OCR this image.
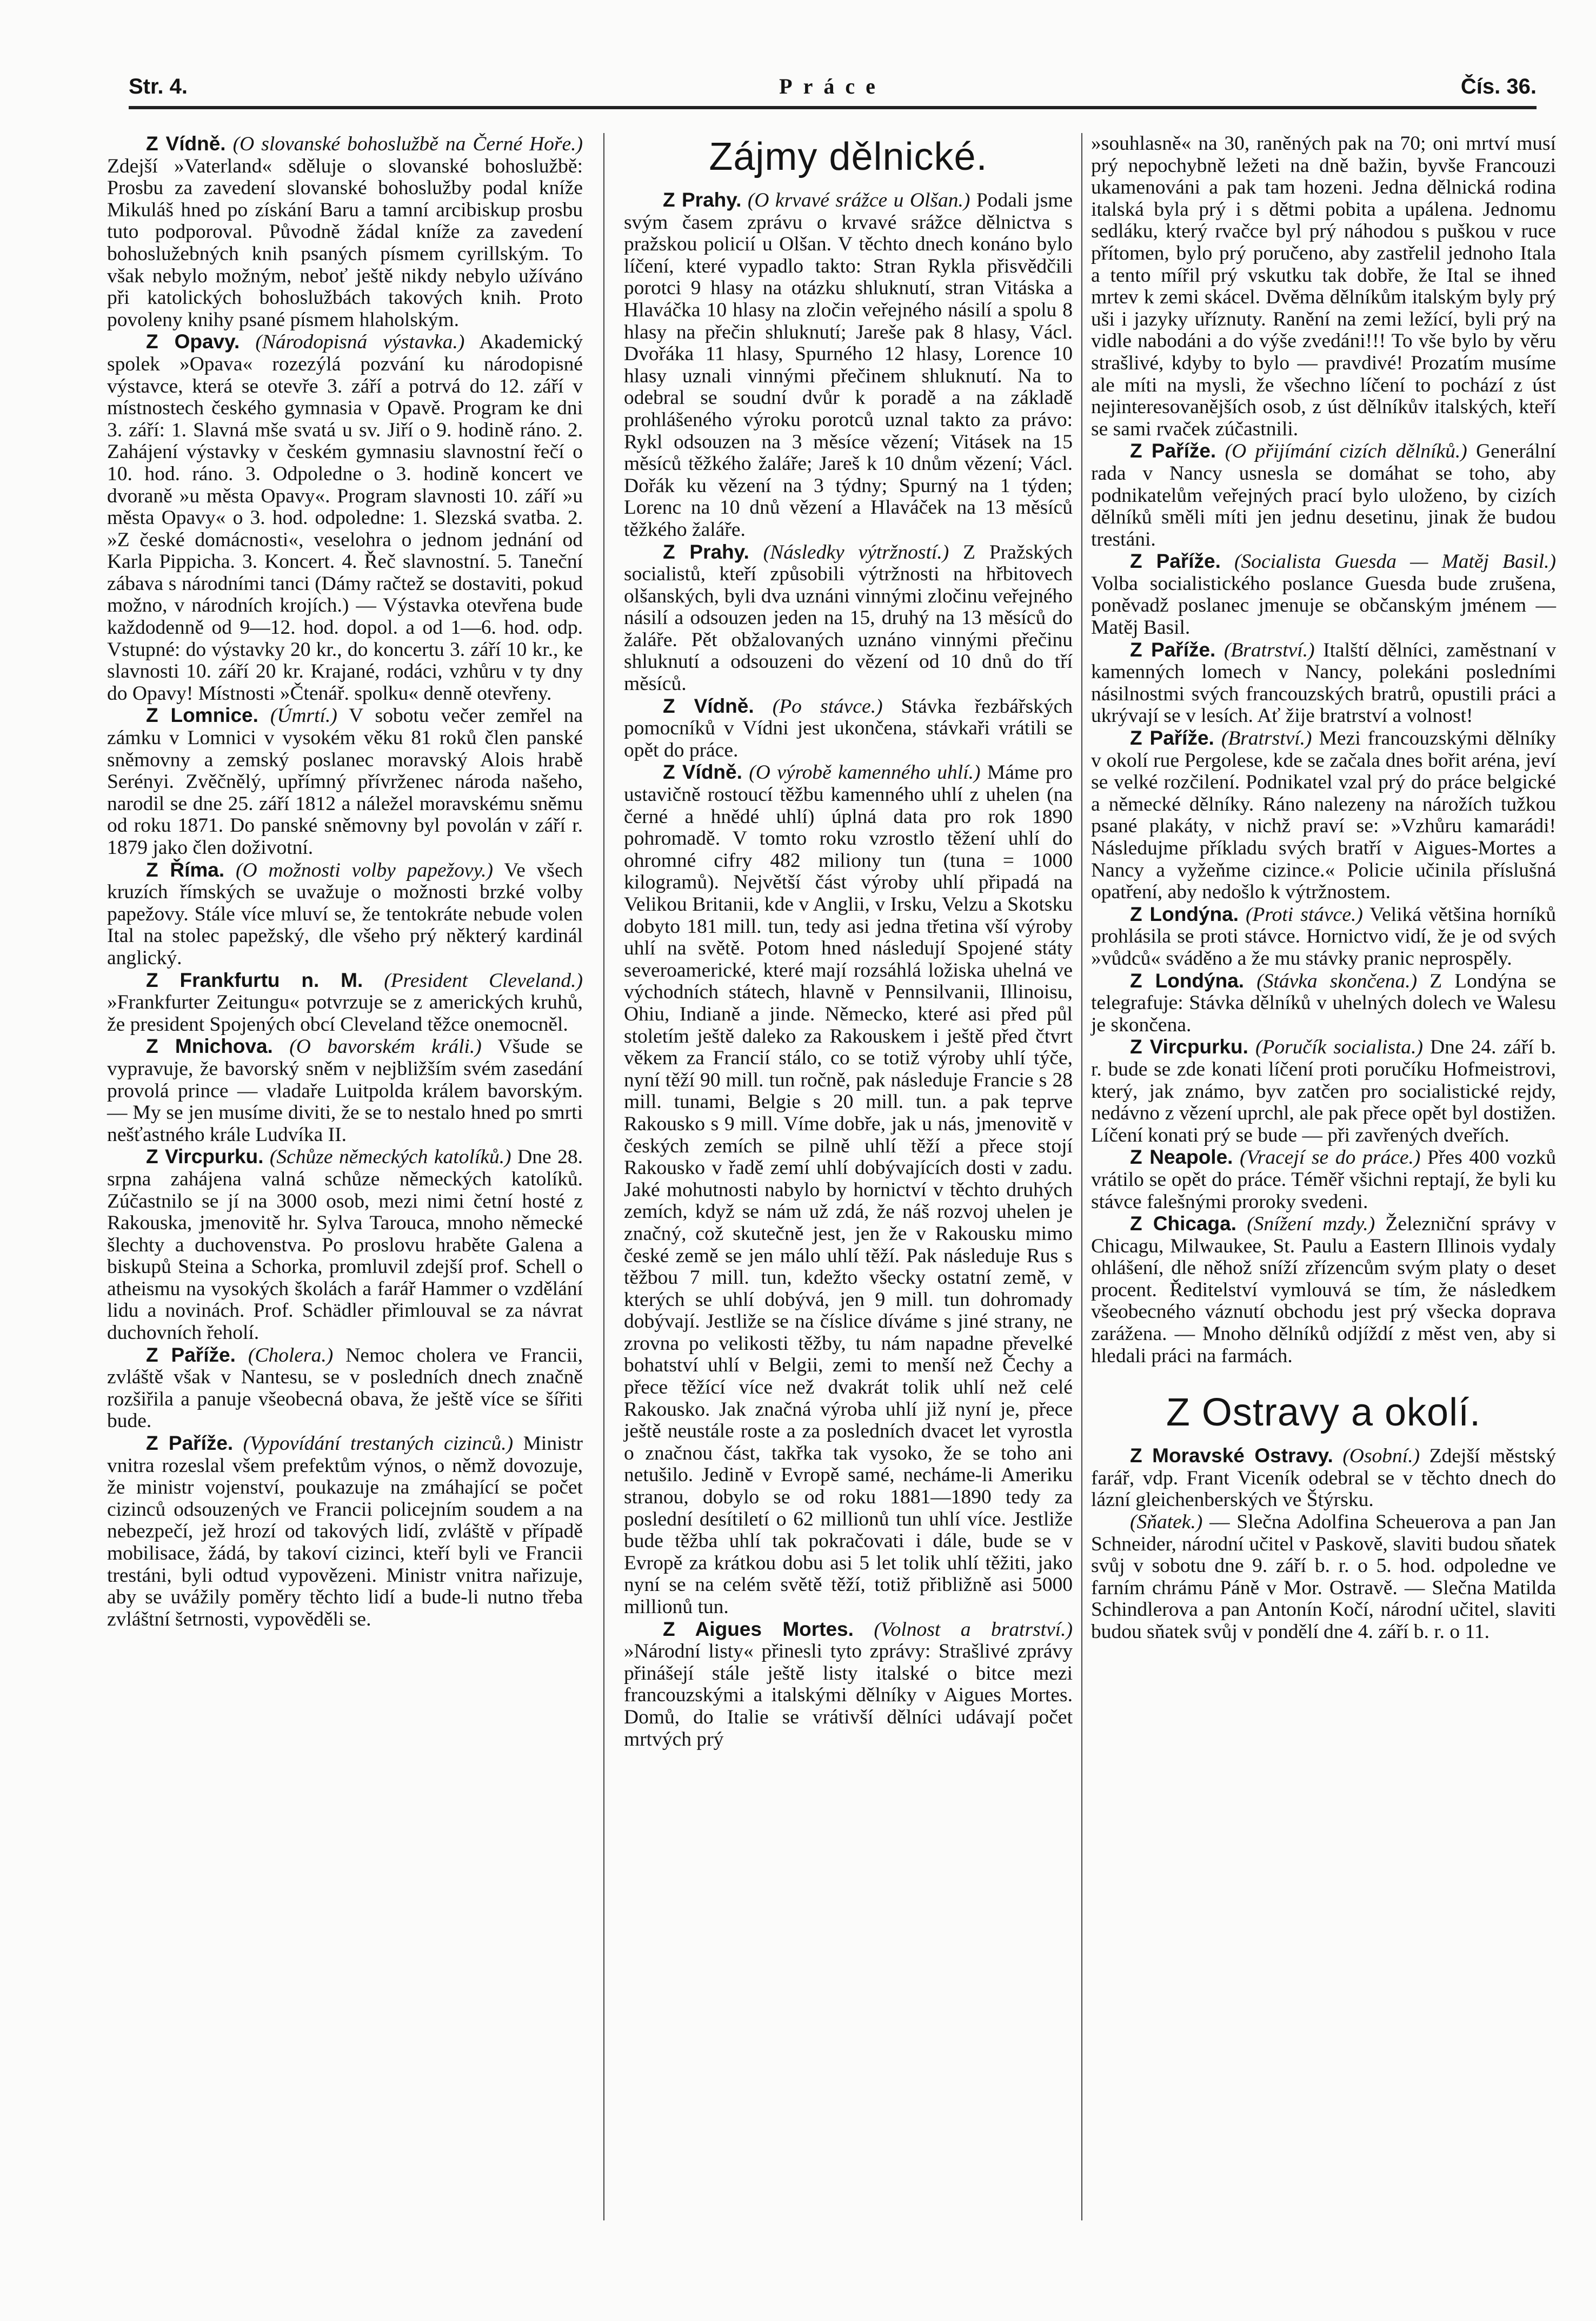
Str. 4.	Práce	Čís. 36.

Z Vídně. (O slovanské bohoslužbě na Černé Hoře.) Zdejší »Vaterland« sděluje o slovanské bohoslužbě: Prosbu za zavedení slovanské bohoslužby podal kníže Mikuláš hned po získání Baru a tamní arcibiskup prosbu tuto podporoval. Původně žádal kníže za zavedení bohoslužebných knih psaných písmem cyrillským. To však nebylo možným, neboť ještě nikdy nebylo užíváno při katolických bohoslužbách takových knih. Proto povoleny knihy psané písmem hlaholským.

Z Opavy. (Národopisná výstavka.) Akademický spolek »Opava« rozezýlá pozvání ku národopisné výstavce, která se otevře 3. září a potrvá do 12. září v místnostech českého gymnasia v Opavě. Program ke dni 3. září: 1. Slavná mše svatá u sv. Jiří o 9. hodině ráno. 2. Zahájení výstavky v českém gymnasiu slavnostní řečí o 10. hod. ráno. 3. Odpoledne o 3. hodině koncert ve dvoraně »u města Opavy«. Program slavnosti 10. září »u města Opavy« o 3. hod. odpoledne: 1. Slezská svatba. 2. »Z české domácnosti«, veselohra o jednom jednání od Karla Pippicha. 3. Koncert. 4. Řeč slavnostní. 5. Taneční zábava s národními tanci (Dámy račtež se dostaviti, pokud možno, v národních krojích.) — Výstavka otevřena bude každodenně od 9—12. hod. dopol. a od 1—6. hod. odp. Vstupné: do výstavky 20 kr., do koncertu 3. září 10 kr., ke slavnosti 10. září 20 kr. Krajané, rodáci, vzhůru v ty dny do Opavy! Místnosti »Čtenář. spolku« denně otevřeny.

Z Lomnice. (Úmrtí.) V sobotu večer zemřel na zámku v Lomnici v vysokém věku 81 roků člen panské sněmovny a zemský poslanec moravský Alois hrabě Serényi. Zvěčnělý, upřímný přívrženec národa našeho, narodil se dne 25. září 1812 a náležel moravskému sněmu od roku 1871. Do panské sněmovny byl povolán v září r. 1879 jako člen doživotní.

Z Říma. (O možnosti volby papežovy.) Ve všech kruzích římských se uvažuje o možnosti brzké volby papežovy. Stále více mluví se, že tentokráte nebude volen Ital na stolec papežský, dle všeho prý některý kardinál anglický.

Z Frankfurtu n. M. (President Cleveland.) »Frankfurter Zeitungu« potvrzuje se z amerických kruhů, že president Spojených obcí Cleveland těžce onemocněl.

Z Mnichova. (O bavorském králi.) Všude se vypravuje, že bavorský sněm v nejbližším svém zasedání provolá prince — vladaře Luitpolda králem bavorským. — My se jen musíme diviti, že se to nestalo hned po smrti nešťastného krále Ludvíka II.

Z Vircpurku. (Schůze německých katolíků.) Dne 28. srpna zahájena valná schůze německých katolíků. Zúčastnilo se jí na 3000 osob, mezi nimi četní hosté z Rakouska, jmenovitě hr. Sylva Tarouca, mnoho německé šlechty a duchovenstva. Po proslovu hraběte Galena a biskupů Steina a Schorka, promluvil zdejší prof. Schell o atheismu na vysokých školách a farář Hammer o vzdělání lidu a novinách. Prof. Schädler přimlouval se za návrat duchovních řeholí.

Z Paříže. (Cholera.) Nemoc cholera ve Francii, zvláště však v Nantesu, se v posledních dnech značně rozšiřila a panuje všeobecná obava, že ještě více se šířiti bude.

Z Paříže. (Vypovídání trestaných cizinců.) Ministr vnitra rozeslal všem prefektům výnos, o němž dovozuje, že ministr vojenství, poukazuje na zmáhající se počet cizinců odsouzených ve Francii policejním soudem a na nebezpečí, jež hrozí od takových lidí, zvláště v případě mobilisace, žádá, by takoví cizinci, kteří byli ve Francii trestáni, byli odtud vypovězeni. Ministr vnitra nařizuje, aby se uvážily poměry těchto lidí a bude-li nutno třeba zvláštní šetrnosti, vypověděli se.

Zájmy dělnické.

Z Prahy. (O krvavé srážce u Olšan.) Podali jsme svým časem zprávu o krvavé srážce dělnictva s pražskou policií u Olšan. V těchto dnech konáno bylo líčení, které vypadlo takto: Stran Rykla přisvědčili porotci 9 hlasy na otázku shluknutí, stran Vitáska a Hlaváčka 10 hlasy na zločin veřejného násilí a spolu 8 hlasy na přečin shluknutí; Jareše pak 8 hlasy, Václ. Dvořáka 11 hlasy, Spurného 12 hlasy, Lorence 10 hlasy uznali vinnými přečinem shluknutí. Na to odebral se soudní dvůr k poradě a na základě prohlášeného výroku porotců uznal takto za právo: Rykl odsouzen na 3 měsíce vězení; Vitásek na 15 měsíců těžkého žaláře; Jareš k 10 dnům vězení; Václ. Dořák ku vězení na 3 týdny; Spurný na 1 týden; Lorenc na 10 dnů vězení a Hlaváček na 13 měsíců těžkého žaláře.

Z Prahy. (Následky výtržností.) Z Pražských socialistů, kteří způsobili výtržnosti na hřbitovech olšanských, byli dva uznáni vinnými zločinu veřejného násilí a odsouzen jeden na 15, druhý na 13 měsíců do žaláře. Pět obžalovaných uznáno vinnými přečinu shluknutí a odsouzeni do vězení od 10 dnů do tří měsíců.

Z Vídně. (Po stávce.) Stávka řezbářských pomocníků v Vídni jest ukončena, stávkaři vrátili se opět do práce.

Z Vídně. (O výrobě kamenného uhlí.) Máme pro ustavičně rostoucí těžbu kamenného uhlí z uhelen (na černé a hnědé uhlí) úplná data pro rok 1890 pohromadě. V tomto roku vzrostlo těžení uhlí do ohromné cifry 482 miliony tun (tuna = 1000 kilogramů). Největší část výroby uhlí připadá na Velikou Britanii, kde v Anglii, v Irsku, Velzu a Skotsku dobyto 181 mill. tun, tedy asi jedna třetina vší výroby uhlí na světě. Potom hned následují Spojené státy severoamerické, které mají rozsáhlá ložiska uhelná ve východních státech, hlavně v Pennsilvanii, Illinoisu, Ohiu, Indianě a jinde. Německo, které asi před půl stoletím ještě daleko za Rakouskem i ještě před čtvrt věkem za Francií stálo, co se totiž výroby uhlí týče, nyní těží 90 mill. tun ročně, pak následuje Francie s 28 mill. tunami, Belgie s 20 mill. tun. a pak teprve Rakousko s 9 mill. Víme dobře, jak u nás, jmenovitě v českých zemích se pilně uhlí těží a přece stojí Rakousko v řadě zemí uhlí dobývajících dosti v zadu. Jaké mohutnosti nabylo by hornictví v těchto druhých zemích, když se nám už zdá, že náš rozvoj uhelen je značný, což skutečně jest, jen že v Rakousku mimo české země se jen málo uhlí těží. Pak následuje Rus s těžbou 7 mill. tun, kdežto všecky ostatní země, v kterých se uhlí dobývá, jen 9 mill. tun dohromady dobývají. Jestliže se na číslice díváme s jiné strany, ne zrovna po velikosti těžby, tu nám napadne převelké bohatství uhlí v Belgii, zemi to menší než Čechy a přece těžící více než dvakrát tolik uhlí než celé Rakousko. Jak značná výroba uhlí již nyní je, přece ještě neustále roste a za posledních dvacet let vyrostla o značnou část, takřka tak vysoko, že se toho ani netušilo. Jedině v Evropě samé, necháme-li Ameriku stranou, dobylo se od roku 1881—1890 tedy za poslední desítiletí o 62 millionů tun uhlí více. Jestliže bude těžba uhlí tak pokračovati i dále, bude se v Evropě za krátkou dobu asi 5 let tolik uhlí těžiti, jako nyní se na celém světě těží, totiž přibližně asi 5000 millionů tun.

Z Aigues Mortes. (Volnost a bratrství.) »Národní listy« přinesli tyto zprávy: Strašlivé zprávy přinášejí stále ještě listy italské o bitce mezi francouzskými a italskými dělníky v Aigues Mortes. Domů, do Italie se vrátivší dělníci udávají počet mrtvých prý

»souhlasně« na 30, raněných pak na 70; oni mrtví musí prý nepochybně ležeti na dně bažin, byvše Francouzi ukamenováni a pak tam hozeni. Jedna dělnická rodina italská byla prý i s dětmi pobita a upálena. Jednomu sedláku, který rvačce byl prý náhodou s puškou v ruce přítomen, bylo prý poručeno, aby zastřelil jednoho Itala a tento mířil prý vskutku tak dobře, že Ital se ihned mrtev k zemi skácel. Dvěma dělníkům italským byly prý uši i jazyky uříznuty. Ranění na zemi ležící, byli prý na vidle nabodáni a do výše zvedáni!!! To vše bylo by věru strašlivé, kdyby to bylo — pravdivé! Prozatím musíme ale míti na mysli, že všechno líčení to pochází z úst nejinteresovanějších osob, z úst dělníkův italských, kteří se sami rvaček zúčastnili.

Z Paříže. (O přijímání cizích dělníků.) Generální rada v Nancy usnesla se domáhat se toho, aby podnikatelům veřejných prací bylo uloženo, by cizích dělníků směli míti jen jednu desetinu, jinak že budou trestáni.

Z Paříže. (Socialista Guesda — Matěj Basil.) Volba socialistického poslance Guesda bude zrušena, poněvadž poslanec jmenuje se občanským jménem — Matěj Basil.

Z Paříže. (Bratrství.) Italští dělníci, zaměstnaní v kamenných lomech v Nancy, polekáni posledními násilnostmi svých francouzských bratrů, opustili práci a ukrývají se v lesích. Ať žije bratrství a volnost!

Z Paříže. (Bratrství.) Mezi francouzskými dělníky v okolí rue Pergolese, kde se začala dnes bořit aréna, jeví se velké rozčilení. Podnikatel vzal prý do práce belgické a německé dělníky. Ráno nalezeny na nárožích tužkou psané plakáty, v nichž praví se: »Vzhůru kamarádi! Následujme příkladu svých bratří v Aigues-Mortes a Nancy a vyžeňme cizince.« Policie učinila příslušná opatření, aby nedošlo k výtržnostem.

Z Londýna. (Proti stávce.) Veliká většina horníků prohlásila se proti stávce. Hornictvo vidí, že je od svých »vůdců« sváděno a že mu stávky pranic neprospěly.

Z Londýna. (Stávka skončena.) Z Londýna se telegrafuje: Stávka dělníků v uhelných dolech ve Walesu je skončena.

Z Vircpurku. (Poručík socialista.) Dne 24. září b. r. bude se zde konati líčení proti poručíku Hofmeistrovi, který, jak známo, byv zatčen pro socialistické rejdy, nedávno z vězení uprchl, ale pak přece opět byl dostižen. Líčení konati prý se bude — při zavřených dveřích.

Z Neapole. (Vracejí se do práce.) Přes 400 vozků vrátilo se opět do práce. Téměř všichni reptají, že byli ku stávce falešnými proroky svedeni.

Z Chicaga. (Snížení mzdy.) Železniční správy v Chicagu, Milwaukee, St. Paulu a Eastern Illinois vydaly ohlášení, dle něhož sníží zřízencům svým platy o deset procent. Ředitelství vymlouvá se tím, že následkem všeobecného váznutí obchodu jest prý všecka doprava zarážena. — Mnoho dělníků odjíždí z měst ven, aby si hledali práci na farmách.

Z Ostravy a okolí.

Z Moravské Ostravy. (Osobní.) Zdejší městský farář, vdp. Frant Viceník odebral se v těchto dnech do lázní gleichenberských ve Štýrsku.

(Sňatek.) — Slečna Adolfina Scheuerova a pan Jan Schneider, národní učitel v Paskově, slaviti budou sňatek svůj v sobotu dne 9. září b. r. o 5. hod. odpoledne ve farním chrámu Páně v Mor. Ostravě. — Slečna Matilda Schindlerova a pan Antonín Kočí, národní učitel, slaviti budou sňatek svůj v pondělí dne 4. září b. r. o 11.
